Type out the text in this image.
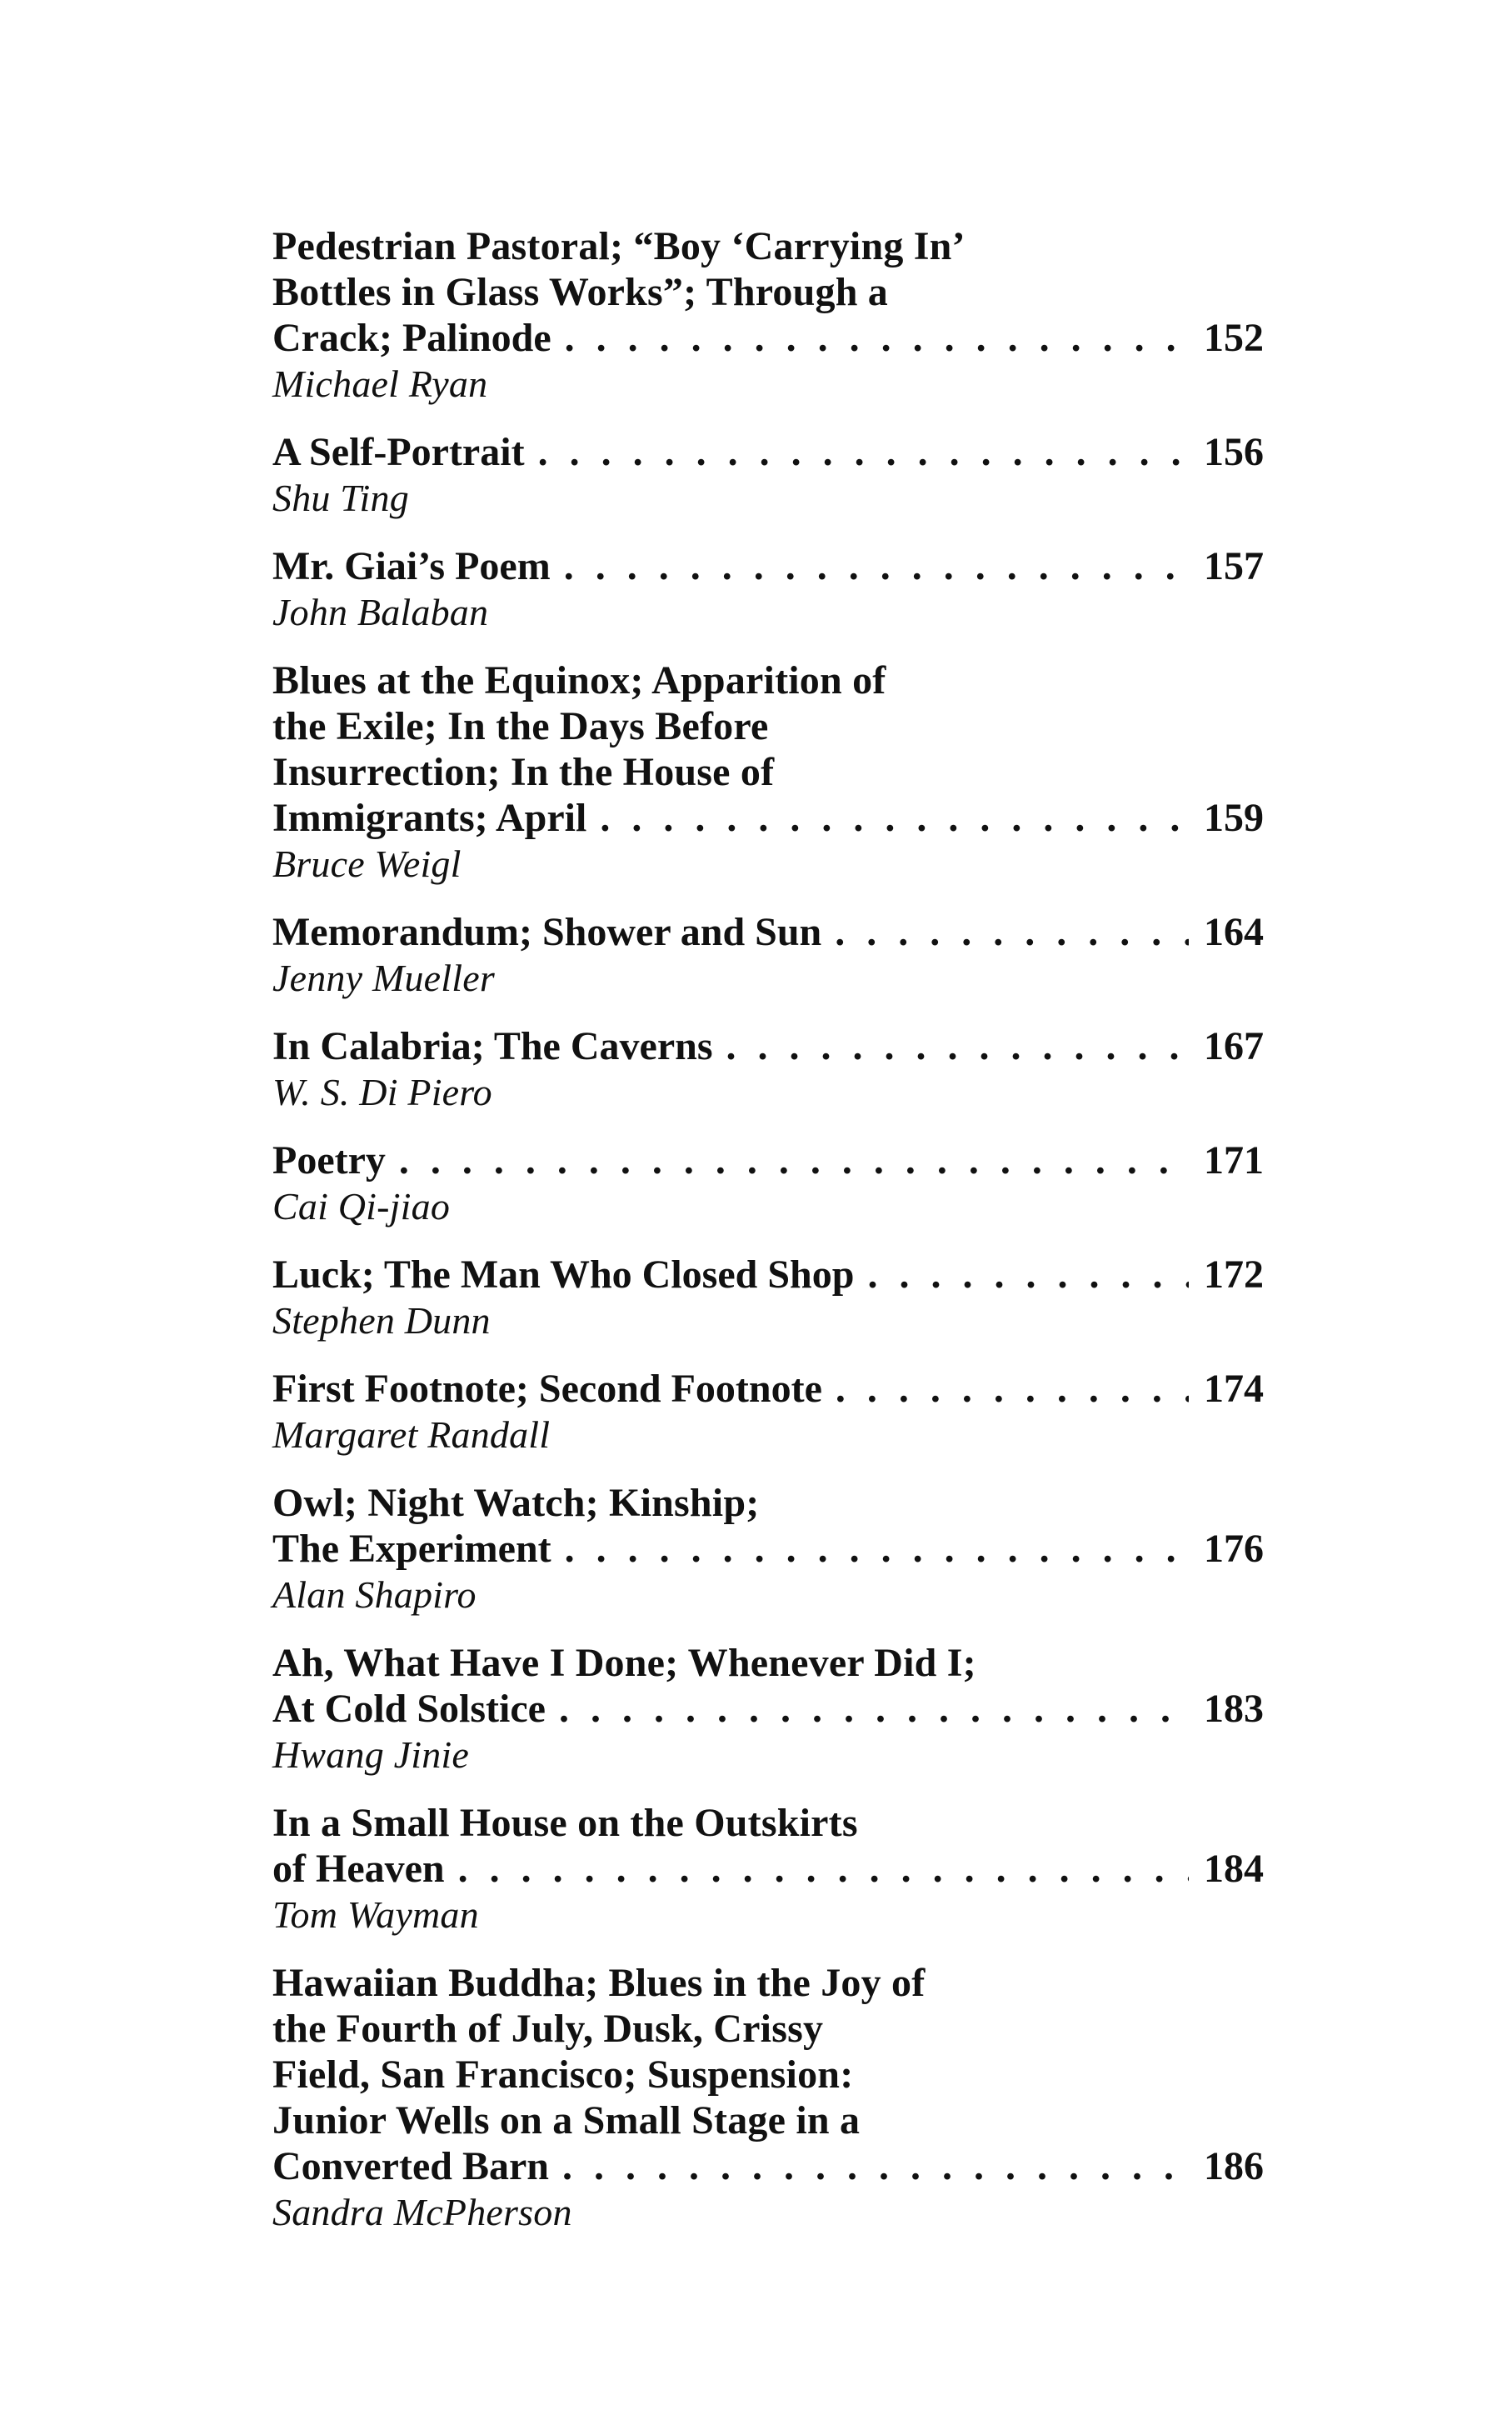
Pedestrian Pastoral; “Boy ‘Carrying In’
Bottles in Glass Works”; Through a
Crack; Palinode . . .	152
Michael Ryan
A Self-Portrait . . .	156
Shu Ting
Mr. Giai’s Poem . . .	157
John Balaban
Blues at the Equinox; Apparition of
the Exile; In the Days Before
Insurrection; In the House of
Immigrants; April . . .	159
Bruce Weigl
Memorandum; Shower and Sun . . .	164
Jenny Mueller
In Calabria; The Caverns . . .	167
W. S. Di Piero
Poetry . . .	171
Cai Qi-jiao
Luck; The Man Who Closed Shop . . .	172
Stephen Dunn
First Footnote; Second Footnote . . .	174
Margaret Randall
Owl; Night Watch; Kinship;
The Experiment . . .	176
Alan Shapiro
Ah, What Have I Done; Whenever Did I;
At Cold Solstice . . .	183
Hwang Jinie
In a Small House on the Outskirts
of Heaven . . .	184
Tom Wayman
Hawaiian Buddha; Blues in the Joy of
the Fourth of July, Dusk, Crissy
Field, San Francisco; Suspension:
Junior Wells on a Small Stage in a
Converted Barn . . .	186
Sandra McPherson
